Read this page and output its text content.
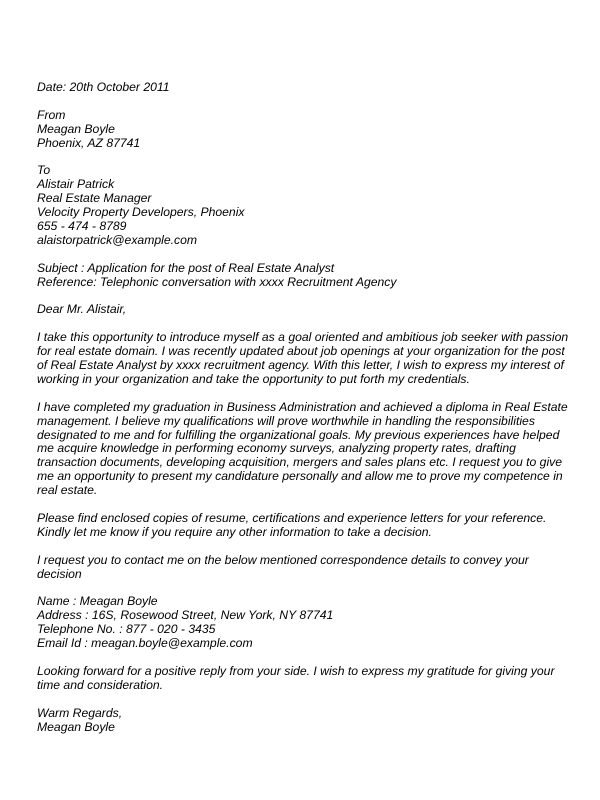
Date: 20th October 2011
From
Meagan Boyle
Phoenix, AZ 87741
To
Alistair Patrick
Real Estate Manager
Velocity Property Developers, Phoenix
655 - 474 - 8789
alaistorpatrick@example.com
Subject : Application for the post of Real Estate Analyst
Reference: Telephonic conversation with xxxx Recruitment Agency
Dear Mr. Alistair,
I take this opportunity to introduce myself as a goal oriented and ambitious job seeker with passion
for real estate domain. I was recently updated about job openings at your organization for the post
of Real Estate Analyst by xxxx recruitment agency. With this letter, I wish to express my interest of
working in your organization and take the opportunity to put forth my credentials.
I have completed my graduation in Business Administration and achieved a diploma in Real Estate
management. I believe my qualifications will prove worthwhile in handling the responsibilities
designated to me and for fulfilling the organizational goals. My previous experiences have helped
me acquire knowledge in performing economy surveys, analyzing property rates, drafting
transaction documents, developing acquisition, mergers and sales plans etc. I request you to give
me an opportunity to present my candidature personally and allow me to prove my competence in
real estate.
Please find enclosed copies of resume, certifications and experience letters for your reference.
Kindly let me know if you require any other information to take a decision.
I request you to contact me on the below mentioned correspondence details to convey your
decision
Name : Meagan Boyle
Address : 16S, Rosewood Street, New York, NY 87741
Telephone No. : 877 - 020 - 3435
Email Id : meagan.boyle@example.com
Looking forward for a positive reply from your side. I wish to express my gratitude for giving your
time and consideration.
Warm Regards,
Meagan Boyle
